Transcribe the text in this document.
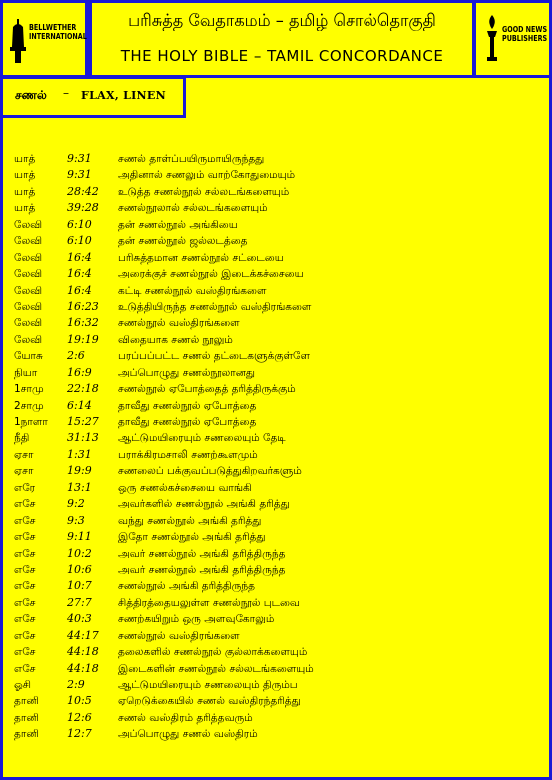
BELLWETHER
INTERNATIONAL
பரிசுத்த வேதாகமம் – தமிழ் சொல்தொகுதி
THE HOLY BIBLE – TAMIL CONCORDANCE
GOOD NEWS
PUBLISHERS
சணல் – FLAX, LINEN
யாத்	9:31	சணல் தாள்ப்பயிருமாயிருந்தது
யாத்	9:31	அதினால் சணலும் வாற்கோதுமையும்
யாத்	28:42 உடுத்த சணல்நூல் சல்லடங்களையும்
யாத்	39:28 சணல்நூலால் சல்லடங்களையும்
லேவி 6:10	தன் சணல்நூல் அங்கியை
லேவி 6:10	தன் சணல்நூல் ஜல்லடத்தை
லேவி 16:4	பரிசுத்தமான சணல்நூல் சட்டையை
லேவி 16:4	அரைக்குச் சணல்நூல் இடைக்கச்சையை
லேவி 16:4	கட்டி சணல்நூல் வஸ்திரங்களை
லேவி 16:23 உடுத்தியிருந்த சணல்நூல் வஸ்திரங்களை
லேவி 16:32 சணல்நூல் வஸ்திரங்களை
லேவி 19:19 விதையாக சணல் நூலும்
யோசு 2:6	பரப்பப்பட்ட சணல் தட்டைகளுக்குள்ளே
நியா	16:9	அப்பொழுது சணல்நூலானது
1சாமு 22:18 சணல்நூல் ஏபோத்தைத் தரித்திருக்கும்
2சாமு 6:14	தாவீது சணல்நூல் ஏபோத்தை
1நாளா 15:27 தாவீது சணல்நூல் ஏபோத்தை
நீதி	31:13 ஆட்டுமயிரையும் சணலையும் தேடி
ஏசா	1:31	பராக்கிரமசாலி சணற்கூளமும்
ஏசா	19:9	சணலைப் பக்குவப்படுத்துகிறவர்களும்
எரே	13:1	ஒரு சணல்கச்சையை வாங்கி
எசே	9:2	அவர்களில் சணல்நூல் அங்கி தரித்து
எசே	9:3	வந்து சணல்நூல் அங்கி தரித்து
எசே	9:11	இதோ சணல்நூல் அங்கி தரித்து
எசே	10:2	அவர் சணல்நூல் அங்கி தரித்திருந்த
எசே	10:6	அவர் சணல்நூல் அங்கி தரித்திருந்த
எசே	10:7	சணல்நூல் அங்கி தரித்திருந்த
எசே	27:7	சித்திரத்தையலுள்ள சணல்நூல் புடவை
எசே	40:3	சணற்கயிறும் ஒரு அளவுகோலும்
எசே	44:17 சணல்நூல் வஸ்திரங்களை
எசே	44:18 தலைகளில் சணல்நூல் குல்லாக்களையும்
எசே	44:18 இடைகளின் சணல்நூல் சல்லடங்களையும்
ஓசி	2:9	ஆட்டுமயிரையும் சணலையும் திரும்ப
தானி	10:5	ஏறெடுக்கையில் சணல் வஸ்திரந்தரித்து
தானி	12:6	சணல் வஸ்திரம் தரித்தவரும்
தானி	12:7	அப்பொழுது சணல் வஸ்திரம்
